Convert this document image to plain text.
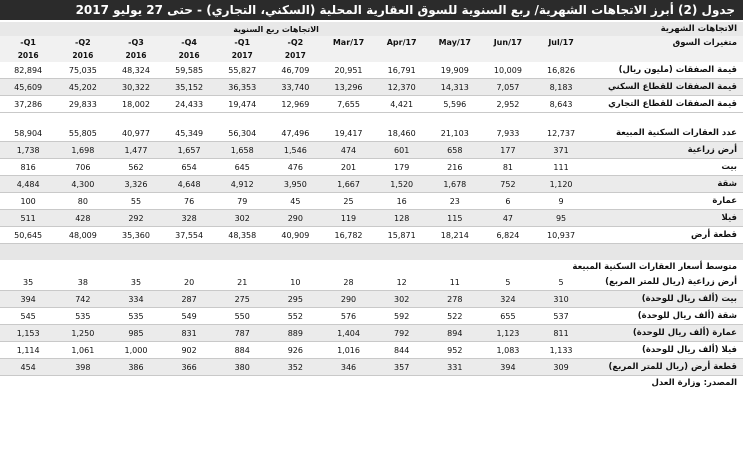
جدول (2) أبرز الاتجاهات الشهرية/ ربع السنوية للسوق العقارية المحلية (السكني، التجاري) - حتى 27 يوليو 2017
الاتجاهات الشهرية						الاتجاهات ربع السنوية					
متغيرات السوق	Jul/17	Jun/17	May/17	Apr/17	Mar/17	Q2-	Q1-	Q4-	Q3-	Q2-	Q1-
						2017	2017	2016	2016	2016	2016
قيمة الصفقات (مليون ريال)	16,826	10,009	19,909	16,791	20,951	46,709	55,827	59,585	48,324	75,035	82,894
قيمة الصفقات للقطاع السكني	8,183	7,057	14,313	12,370	13,296	33,740	36,353	35,152	30,322	45,202	45,609
قيمة الصفقات للقطاع التجاري	8,643	2,952	5,596	4,421	7,655	12,969	19,474	24,433	18,002	29,833	37,286

عدد العقارات السكنية المبيعة	12,737	7,933	21,103	18,460	19,417	47,496	56,304	45,349	40,977	55,805	58,904
أرض زراعية	371	177	658	601	474	1,546	1,658	1,657	1,477	1,698	1,738
بيت	111	81	216	179	201	476	645	654	562	706	816
شقة	1,120	752	1,678	1,520	1,667	3,950	4,912	4,648	3,326	4,300	4,484
عمارة	9	6	23	16	25	45	79	76	55	80	100
فيلا	95	47	115	128	119	290	302	328	292	428	511
قطعة أرض	10,937	6,824	18,214	15,871	16,782	40,909	48,358	37,554	35,360	48,009	50,645

متوسط أسعار العقارات السكنية المبيعة											
أرض زراعية (ريال للمتر المربع)	5	5	11	12	28	10	21	20	35	38	35
بيت (ألف ريال للوحدة)	310	324	278	302	290	295	275	287	334	742	394
شقة (ألف ريال للوحدة)	537	655	522	592	576	552	550	549	535	535	545
عمارة (ألف ريال للوحدة)	811	1,123	894	792	1,404	889	787	831	985	1,250	1,153
فيلا (ألف ريال للوحدة)	1,133	1,083	952	844	1,016	926	884	902	1,000	1,061	1,114
قطعة أرض (ريال للمتر المربع)	309	394	331	357	346	352	380	366	386	398	454
المصدر: وزارة العدل											
